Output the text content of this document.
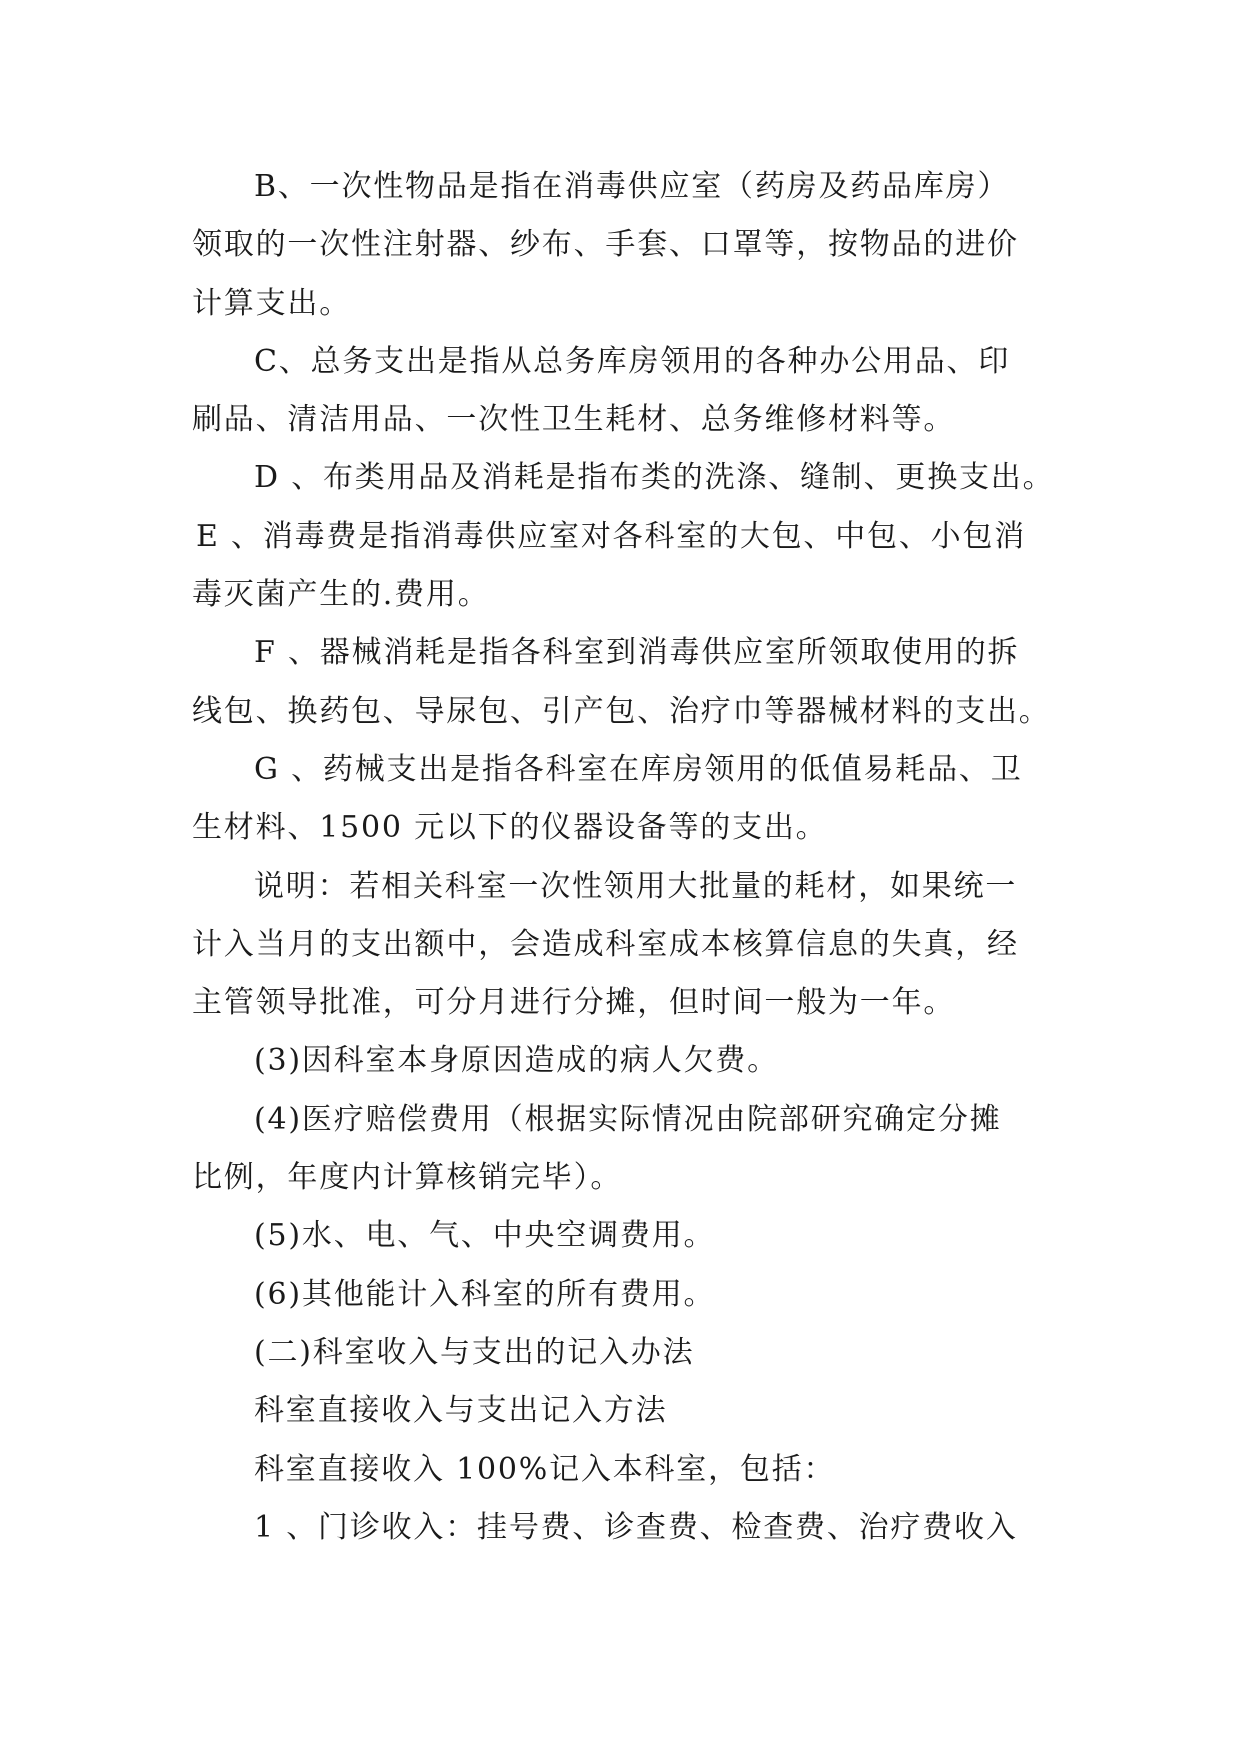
B、一次性物品是指在消毒供应室（药房及药品库房）
领取的一次性注射器、纱布、手套、口罩等，按物品的进价
计算支出。
C、总务支出是指从总务库房领用的各种办公用品、印
刷品、清洁用品、一次性卫生耗材、总务维修材料等。
D 、布类用品及消耗是指布类的洗涤、缝制、更换支出。
E 、消毒费是指消毒供应室对各科室的大包、中包、小包消
毒灭菌产生的.费用。
F 、器械消耗是指各科室到消毒供应室所领取使用的拆
线包、换药包、导尿包、引产包、治疗巾等器械材料的支出。
G 、药械支出是指各科室在库房领用的低值易耗品、卫
生材料、1500 元以下的仪器设备等的支出。
说明：若相关科室一次性领用大批量的耗材，如果统一
计入当月的支出额中，会造成科室成本核算信息的失真，经
主管领导批准，可分月进行分摊，但时间一般为一年。
(3)因科室本身原因造成的病人欠费。
(4)医疗赔偿费用（根据实际情况由院部研究确定分摊
比例，年度内计算核销完毕）。
(5)水、电、气、中央空调费用。
(6)其他能计入科室的所有费用。
(二)科室收入与支出的记入办法
科室直接收入与支出记入方法
科室直接收入 100%记入本科室，包括：
1 、门诊收入：挂号费、诊查费、检查费、治疗费收入
